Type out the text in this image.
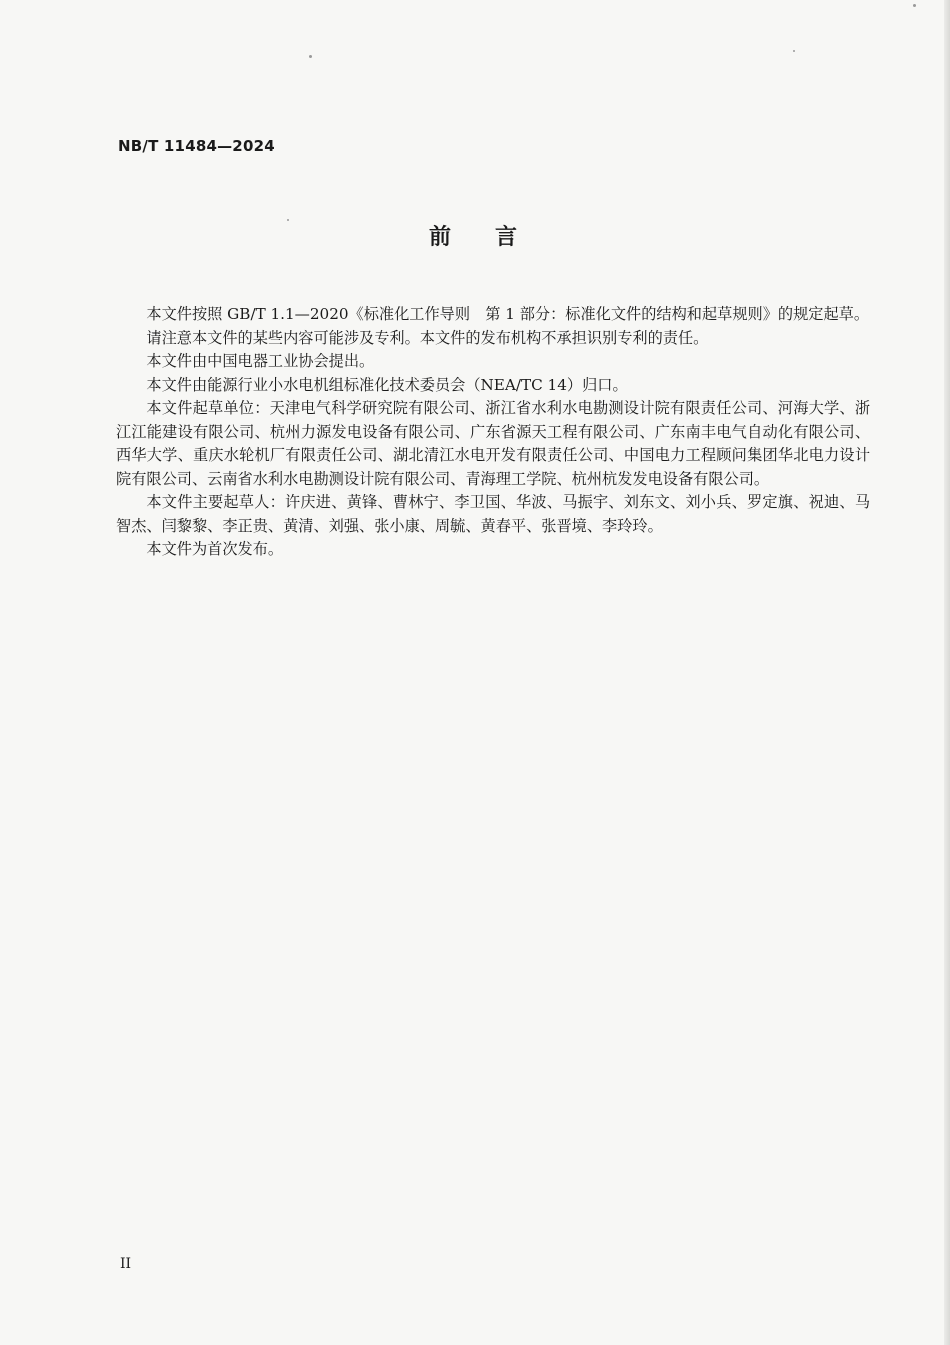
NB/T 11484—2024
前言

本文件按照 GB/T 1.1—2020《标准化工作导则　第 1 部分：标准化文件的结构和起草规则》的规定起草。

请注意本文件的某些内容可能涉及专利。本文件的发布机构不承担识别专利的责任。

本文件由中国电器工业协会提出。

本文件由能源行业小水电机组标准化技术委员会（NEA/TC 14）归口。

本文件起草单位：天津电气科学研究院有限公司、浙江省水利水电勘测设计院有限责任公司、河海大学、浙江江能建设有限公司、杭州力源发电设备有限公司、广东省源天工程有限公司、广东南丰电气自动化有限公司、西华大学、重庆水轮机厂有限责任公司、湖北清江水电开发有限责任公司、中国电力工程顾问集团华北电力设计院有限公司、云南省水利水电勘测设计院有限公司、青海理工学院、杭州杭发发电设备有限公司。

本文件主要起草人：许庆进、黄锋、曹林宁、李卫国、华波、马振宇、刘东文、刘小兵、罗定旗、祝迪、马智杰、闫黎黎、李正贵、黄清、刘强、张小康、周毓、黄春平、张晋境、李玲玲。

本文件为首次发布。

II
